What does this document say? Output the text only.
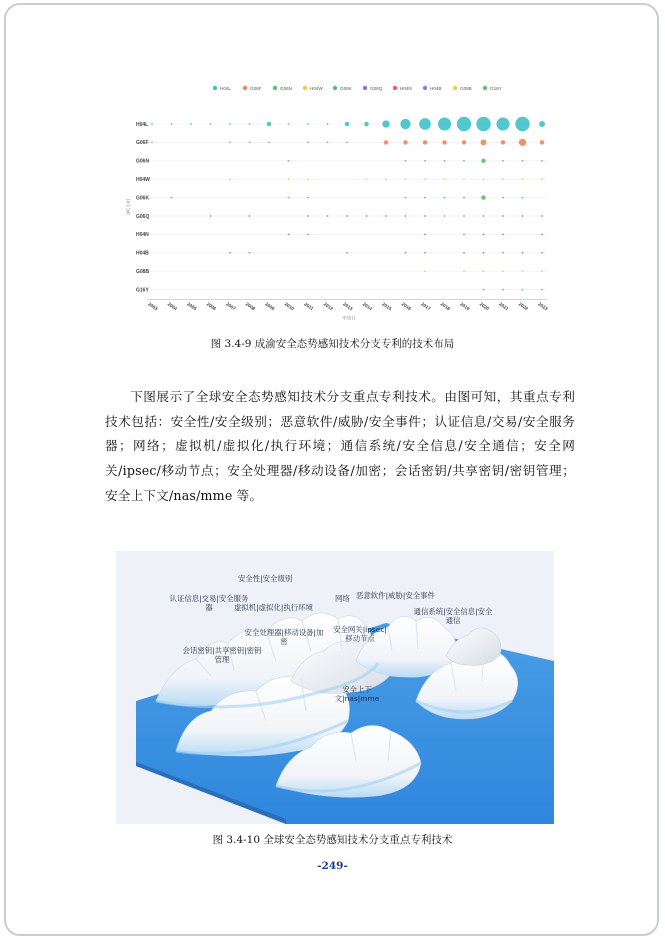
H04L	G06F	G06N	H04W	G06K	G06Q	H04N	H04B	G08B	G16Y
H04L
G06F
G06N
H04W
G06K
G06Q
H04N
H04B
G08B
G16Y
2003 2004 2005 2006 2007 2008 2009 2010 2011 2012 2013 2014 2015 2016 2017 2018 2019 2020 2021 2022 2023
申请日
IPC小组
图 3.4-9 成渝安全态势感知技术分支专利的技术布局

下图展示了全球安全态势感知技术分支重点专利技术。由图可知，其重点专利技术包括：安全性/安全级别；恶意软件/威胁/安全事件；认证信息/交易/安全服务器；网络；虚拟机/虚拟化/执行环境；通信系统/安全信息/安全通信；安全网关/ipsec/移动节点；安全处理器/移动设备/加密；会话密钥/共享密钥/密钥管理；安全上下文/nas/mme 等。

安全性|安全级别
认证信息|交易|安全服务器	虚拟机|虚拟化|执行环境
网络 恶意软件|威胁|安全事件
通信系统|安全信息|安全通信
安全处理器|移动设备|加密
安全网关|ipsec|移动节点
会话密钥|共享密钥|密钥管理
安全上下文|nas|mme
图 3.4-10 全球安全态势感知技术分支重点专利技术
-249-
